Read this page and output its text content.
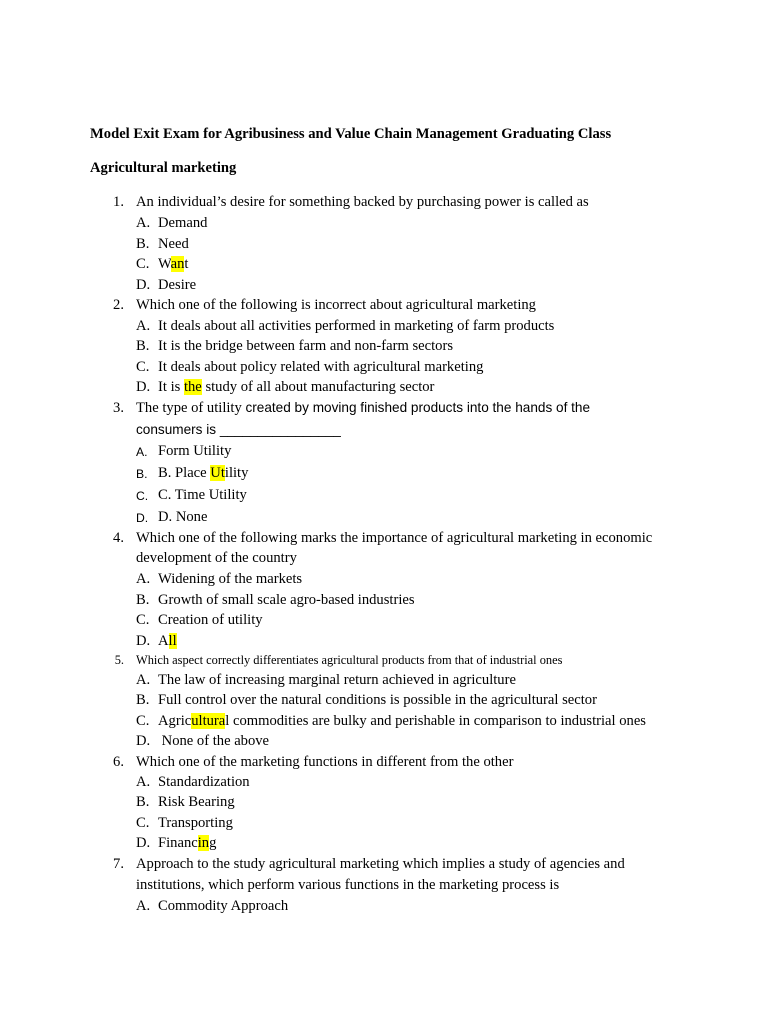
Model Exit Exam for Agribusiness and Value Chain Management Graduating Class
Agricultural marketing
1. An individual’s desire for something backed by purchasing power is called as
A. Demand
B. Need
C. Want
D. Desire
2. Which one of the following is incorrect about agricultural marketing
A. It deals about all activities performed in marketing of farm products
B. It is the bridge between farm and non-farm sectors
C. It deals about policy related with agricultural marketing
D. It is the study of all about manufacturing sector
3. The type of utility created by moving finished products into the hands of the
consumers is ________________
A. Form Utility
B. B. Place Utility
C. C. Time Utility
D. D. None
4. Which one of the following marks the importance of agricultural marketing in economic
development of the country
A. Widening of the markets
B. Growth of small scale agro-based industries
C. Creation of utility
D. All
5. Which aspect correctly differentiates agricultural products from that of industrial ones
A. The law of increasing marginal return achieved in agriculture
B. Full control over the natural conditions is possible in the agricultural sector
C. Agricultural commodities are bulky and perishable in comparison to industrial ones
D. None of the above
6. Which one of the marketing functions in different from the other
A. Standardization
B. Risk Bearing
C. Transporting
D. Financing
7. Approach to the study agricultural marketing which implies a study of agencies and
institutions, which perform various functions in the marketing process is
A. Commodity Approach
